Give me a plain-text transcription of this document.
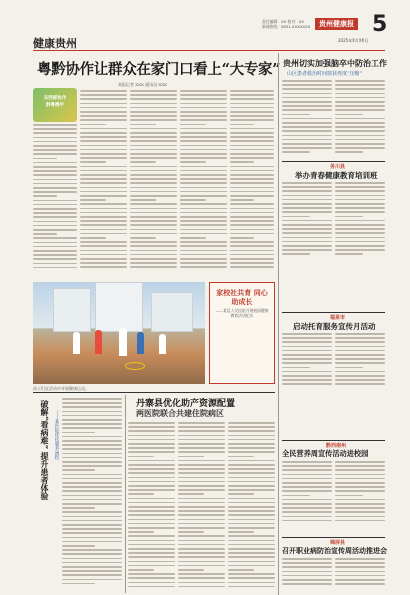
健康贵州
责任编辑：XX 校对：XX
新闻热线：0851-XXXXXXX	贵州健康报 5
2025年X月XX日
粤黔协作让群众在家门口看上“大专家”
本报记者 XXX 通讯员 XXX
东西部协作
黔粤携手
贵州切实加强脑卒中防治工作
山区患者救治时间窗获再度“压缩”
务川县
举办青春健康教育培训班
福泉市
启动托育服务宣传月活动
黔西南州
全民营养周宣传活动进校园
锦屏县
召开职业病防治宣传周活动推进会
孩子们在活动中开展健康运动。
家校社共育 同心助成长
——某县人民医院开展校园健康教育活动纪实
破解“看病难” 提升患者体验 ——某医院优化服务流程
丹寨县优化助产资源配置
两医院联合共建住院病区
